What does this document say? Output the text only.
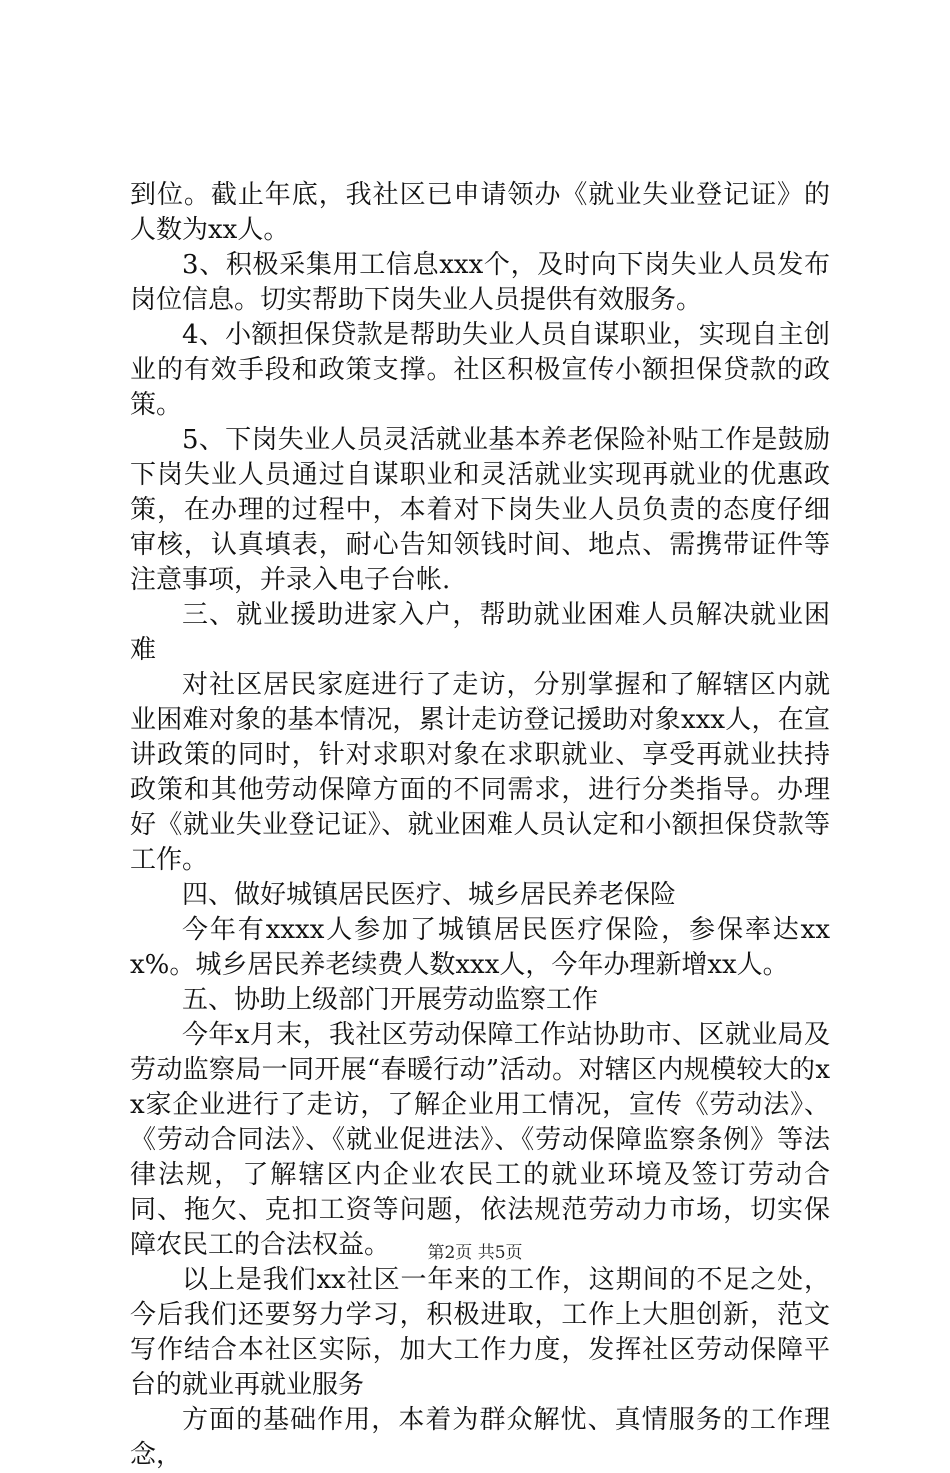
到位。截止年底，我社区已申请领办《就业失业登记证》的人数为xx人。

3、积极采集用工信息xxx个，及时向下岗失业人员发布岗位信息。切实帮助下岗失业人员提供有效服务。

4、小额担保贷款是帮助失业人员自谋职业，实现自主创业的有效手段和政策支撑。社区积极宣传小额担保贷款的政策。

5、下岗失业人员灵活就业基本养老保险补贴工作是鼓励下岗失业人员通过自谋职业和灵活就业实现再就业的优惠政策，在办理的过程中，本着对下岗失业人员负责的态度仔细审核，认真填表，耐心告知领钱时间、地点、需携带证件等注意事项，并录入电子台帐.

三、就业援助进家入户，帮助就业困难人员解决就业困难

对社区居民家庭进行了走访，分别掌握和了解辖区内就业困难对象的基本情况，累计走访登记援助对象xxx人，在宣讲政策的同时，针对求职对象在求职就业、享受再就业扶持政策和其他劳动保障方面的不同需求，进行分类指导。办理好《就业失业登记证》、就业困难人员认定和小额担保贷款等工作。

四、做好城镇居民医疗、城乡居民养老保险

今年有xxxx人参加了城镇居民医疗保险，参保率达xxx%。城乡居民养老续费人数xxx人，今年办理新增xx人。

五、协助上级部门开展劳动监察工作

今年x月末，我社区劳动保障工作站协助市、区就业局及劳动监察局一同开展“春暖行动”活动。对辖区内规模较大的xx家企业进行了走访，了解企业用工情况，宣传《劳动法》、《劳动合同法》、《就业促进法》、《劳动保障监察条例》等法律法规，了解辖区内企业农民工的就业环境及签订劳动合同、拖欠、克扣工资等问题，依法规范劳动力市场，切实保障农民工的合法权益。

以上是我们xx社区一年来的工作，这期间的不足之处，今后我们还要努力学习，积极进取，工作上大胆创新，范文写作结合本社区实际，加大工作力度，发挥社区劳动保障平台的就业再就业服务

方面的基础作用，本着为群众解忧、真情服务的工作理念，

第2页 共5页
